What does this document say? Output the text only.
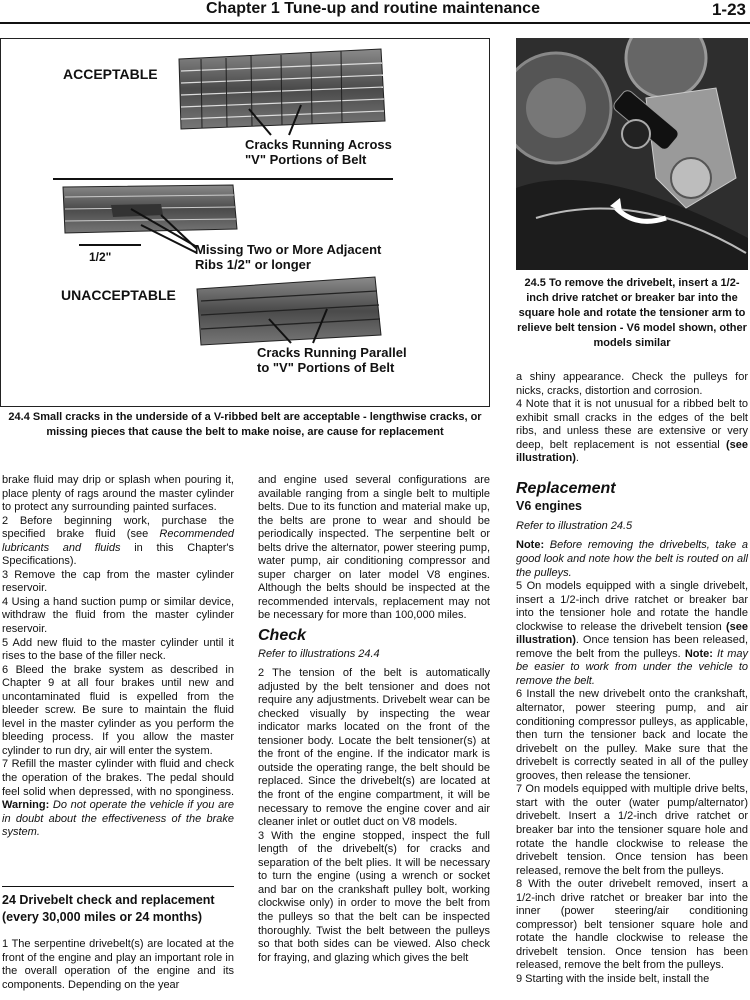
Chapter 1 Tune-up and routine maintenance	1-23
ACCEPTABLE
Cracks Running Across
"V" Portions of Belt
1/2"	Missing Two or More Adjacent
Ribs 1/2" or longer
UNACCEPTABLE
Cracks Running Parallel
to "V" Portions of Belt
24.4 Small cracks in the underside of a V-ribbed belt are acceptable - lengthwise cracks, or missing pieces that cause the belt to make noise, are cause for replacement
24.5 To remove the drivebelt, insert a 1/2-inch drive ratchet or breaker bar into the square hole and rotate the tensioner arm to relieve belt tension - V6 model shown, other models similar

brake fluid may drip or splash when pouring it, place plenty of rags around the master cylinder to protect any surrounding painted surfaces.

2 Before beginning work, purchase the specified brake fluid (see Recommended lubricants and fluids in this Chapter's Specifications).

3 Remove the cap from the master cylinder reservoir.

4 Using a hand suction pump or similar device, withdraw the fluid from the master cylinder reservoir.

5 Add new fluid to the master cylinder until it rises to the base of the filler neck.

6 Bleed the brake system as described in Chapter 9 at all four brakes until new and uncontaminated fluid is expelled from the bleeder screw. Be sure to maintain the fluid level in the master cylinder as you perform the bleeding process. If you allow the master cylinder to run dry, air will enter the system.

7 Refill the master cylinder with fluid and check the operation of the brakes. The pedal should feel solid when depressed, with no sponginess. Warning: Do not operate the vehicle if you are in doubt about the effectiveness of the brake system.

24 Drivebelt check and replacement (every 30,000 miles or 24 months)

1 The serpentine drivebelt(s) are located at the front of the engine and play an important role in the overall operation of the engine and its components. Depending on the year

and engine used several configurations are available ranging from a single belt to multiple belts. Due to its function and material make up, the belts are prone to wear and should be periodically inspected. The serpentine belt or belts drive the alternator, power steering pump, water pump, air conditioning compressor and super charger on later model V8 engines. Although the belts should be inspected at the recommended intervals, replacement may not be necessary for more than 100,000 miles.

Check
Refer to illustrations 24.4

2 The tension of the belt is automatically adjusted by the belt tensioner and does not require any adjustments. Drivebelt wear can be checked visually by inspecting the wear indicator marks located on the front of the tensioner body. Locate the belt tensioner(s) at the front of the engine. If the indicator mark is outside the operating range, the belt should be replaced. Since the drivebelt(s) are located at the front of the engine compartment, it will be necessary to remove the engine cover and air cleaner inlet or outlet duct on V8 models.

3 With the engine stopped, inspect the full length of the drivebelt(s) for cracks and separation of the belt plies. It will be necessary to turn the engine (using a wrench or socket and bar on the crankshaft pulley bolt, working clockwise only) in order to move the belt from the pulleys so that the belt can be inspected thoroughly. Twist the belt between the pulleys so that both sides can be viewed. Also check for fraying, and glazing which gives the belt

a shiny appearance. Check the pulleys for nicks, cracks, distortion and corrosion.

4 Note that it is not unusual for a ribbed belt to exhibit small cracks in the edges of the belt ribs, and unless these are extensive or very deep, belt replacement is not essential (see illustration).

Replacement
V6 engines
Refer to illustration 24.5

Note: Before removing the drivebelts, take a good look and note how the belt is routed on all the pulleys.

5 On models equipped with a single drivebelt, insert a 1/2-inch drive ratchet or breaker bar into the tensioner hole and rotate the handle clockwise to release the drivebelt tension (see illustration). Once tension has been released, remove the belt from the pulleys. Note: It may be easier to work from under the vehicle to remove the belt.

6 Install the new drivebelt onto the crankshaft, alternator, power steering pump, and air conditioning compressor pulleys, as applicable, then turn the tensioner back and locate the drivebelt on the pulley. Make sure that the drivebelt is correctly seated in all of the pulley grooves, then release the tensioner.

7 On models equipped with multiple drive belts, start with the outer (water pump/alternator) drivebelt. Insert a 1/2-inch drive ratchet or breaker bar into the tensioner square hole and rotate the handle clockwise to release the drivebelt tension. Once tension has been released, remove the belt from the pulleys.

8 With the outer drivebelt removed, insert a 1/2-inch drive ratchet or breaker bar into the inner (power steering/air conditioning compressor) belt tensioner square hole and rotate the handle clockwise to release the drivebelt tension. Once tension has been released, remove the belt from the pulleys.

9 Starting with the inside belt, install the
